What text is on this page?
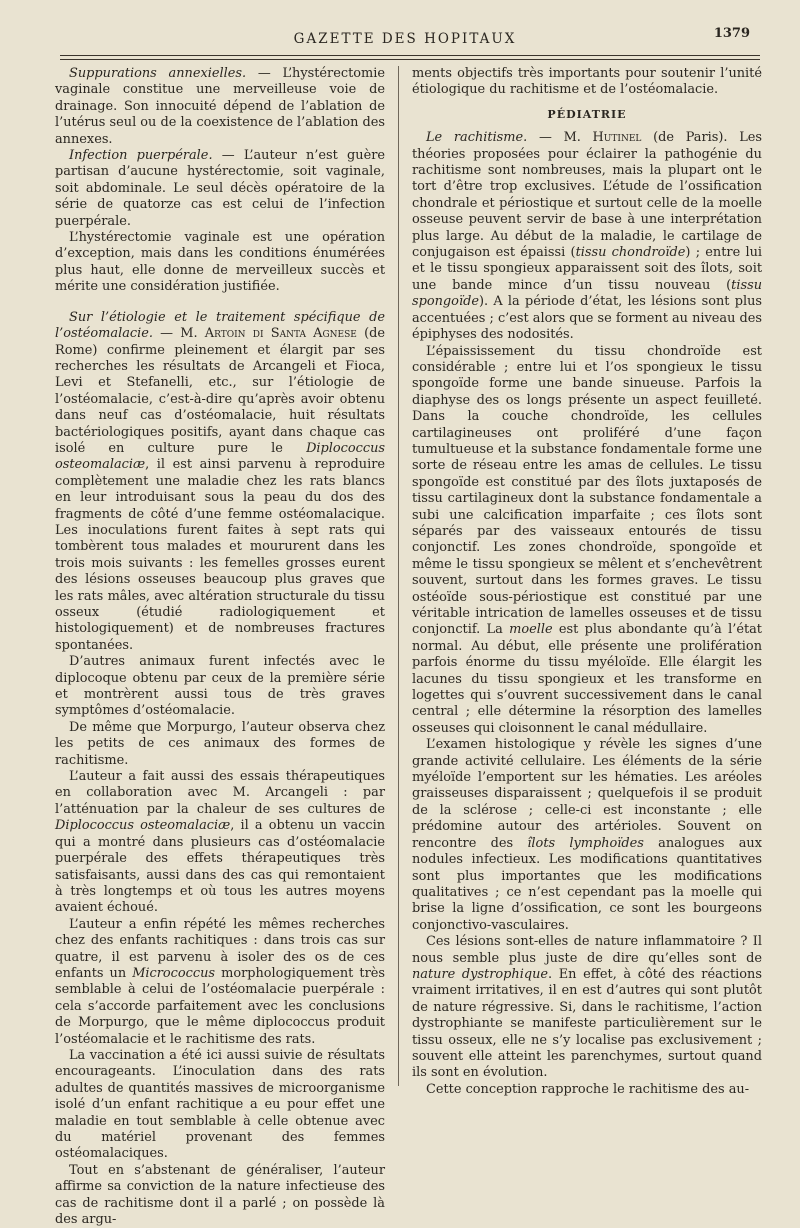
GAZETTE DES HOPITAUX	1379

Suppurations annexielles. — L’hystérectomie vaginale constitue une merveilleuse voie de drainage. Son innocuité dépend de l’ablation de l’utérus seul ou de la coexistence de l’ablation des annexes.

Infection puerpérale. — L’auteur n’est guère partisan d’aucune hystérectomie, soit vaginale, soit abdominale. Le seul décès opératoire de la série de quatorze cas est celui de l’infection puerpérale.

L’hystérectomie vaginale est une opération d’exception, mais dans les conditions énumérées plus haut, elle donne de merveilleux succès et mérite une considération justifiée.

Sur l’étiologie et le traitement spécifique de l’ostéomalacie. — M. Artoin di Santa Agnese (de Rome) confirme pleinement et élargit par ses recherches les résultats de Arcangeli et Fioca, Levi et Stefanelli, etc., sur l’étiologie de l’ostéomalacie, c’est-à-dire qu’après avoir obtenu dans neuf cas d’ostéomalacie, huit résultats bactériologiques positifs, ayant dans chaque cas isolé en culture pure le Diplococcus osteomalaciæ, il est ainsi parvenu à reproduire complètement une maladie chez les rats blancs en leur introduisant sous la peau du dos des fragments de côté d’une femme ostéomalacique. Les inoculations furent faites à sept rats qui tombèrent tous malades et moururent dans les trois mois suivants : les femelles grosses eurent des lésions osseuses beaucoup plus graves que les rats mâles, avec altération structurale du tissu osseux (étudié radiologiquement et histologiquement) et de nombreuses fractures spontanées.

D’autres animaux furent infectés avec le diplocoque obtenu par ceux de la première série et montrèrent aussi tous de très graves symptômes d’ostéomalacie.

De même que Morpurgo, l’auteur observa chez les petits de ces animaux des formes de rachitisme.

L’auteur a fait aussi des essais thérapeutiques en collaboration avec M. Arcangeli : par l’atténuation par la chaleur de ses cultures de Diplococcus osteomalaciæ, il a obtenu un vaccin qui a montré dans plusieurs cas d’ostéomalacie puerpérale des effets thérapeutiques très satisfaisants, aussi dans des cas qui remontaient à très longtemps et où tous les autres moyens avaient échoué.

L’auteur a enfin répété les mêmes recherches chez des enfants rachitiques : dans trois cas sur quatre, il est parvenu à isoler des os de ces enfants un Micrococcus morphologiquement très semblable à celui de l’ostéomalacie puerpérale : cela s’accorde parfaitement avec les conclusions de Morpurgo, que le même diplococcus produit l’ostéomalacie et le rachitisme des rats.

La vaccination a été ici aussi suivie de résultats encourageants. L’inoculation dans des rats adultes de quantités massives de microorganisme isolé d’un enfant rachitique a eu pour effet une maladie en tout semblable à celle obtenue avec du matériel provenant des femmes ostéomalaciques.

Tout en s’abstenant de généraliser, l’auteur affirme sa conviction de la nature infectieuse des cas de rachitisme dont il a parlé ; on possède là des argu-

ments objectifs très importants pour soutenir l’unité étiologique du rachitisme et de l’ostéomalacie.

PÉDIATRIE

Le rachitisme. — M. Hutinel (de Paris). Les théories proposées pour éclairer la pathogénie du rachitisme sont nombreuses, mais la plupart ont le tort d’être trop exclusives. L’étude de l’ossification chondrale et périostique et surtout celle de la moelle osseuse peuvent servir de base à une interprétation plus large. Au début de la maladie, le cartilage de conjugaison est épaissi (tissu chondroïde) ; entre lui et le tissu spongieux apparaissent soit des îlots, soit une bande mince d’un tissu nouveau (tissu spongoïde). A la période d’état, les lésions sont plus accentuées ; c’est alors que se forment au niveau des épiphyses des nodosités.

L’épaississement du tissu chondroïde est considérable ; entre lui et l’os spongieux le tissu spongoïde forme une bande sinueuse. Parfois la diaphyse des os longs présente un aspect feuilleté. Dans la couche chondroïde, les cellules cartilagineuses ont proliféré d’une façon tumultueuse et la substance fondamentale forme une sorte de réseau entre les amas de cellules. Le tissu spongoïde est constitué par des îlots juxtaposés de tissu cartilagineux dont la substance fondamentale a subi une calcification imparfaite ; ces îlots sont séparés par des vaisseaux entourés de tissu conjonctif. Les zones chondroïde, spongoïde et même le tissu spongieux se mêlent et s’enchevêtrent souvent, surtout dans les formes graves. Le tissu ostéoïde sous-périostique est constitué par une véritable intrication de lamelles osseuses et de tissu conjonctif. La moelle est plus abondante qu’à l’état normal. Au début, elle présente une prolifération parfois énorme du tissu myéloïde. Elle élargit les lacunes du tissu spongieux et les transforme en logettes qui s’ouvrent successivement dans le canal central ; elle détermine la résorption des lamelles osseuses qui cloisonnent le canal médullaire.

L’examen histologique y révèle les signes d’une grande activité cellulaire. Les éléments de la série myéloïde l’emportent sur les hématies. Les aréoles graisseuses disparaissent ; quelquefois il se produit de la sclérose ; celle-ci est inconstante ; elle prédomine autour des artérioles. Souvent on rencontre des îlots lymphoïdes analogues aux nodules infectieux. Les modifications quantitatives sont plus importantes que les modifications qualitatives ; ce n’est cependant pas la moelle qui brise la ligne d’ossification, ce sont les bourgeons conjonctivo-vasculaires.

Ces lésions sont-elles de nature inflammatoire ? Il nous semble plus juste de dire qu’elles sont de nature dystrophique. En effet, à côté des réactions vraiment irritatives, il en est d’autres qui sont plutôt de nature régressive. Si, dans le rachitisme, l’action dystrophiante se manifeste particulièrement sur le tissu osseux, elle ne s’y localise pas exclusivement ; souvent elle atteint les parenchymes, surtout quand ils sont en évolution.

Cette conception rapproche le rachitisme des au-
